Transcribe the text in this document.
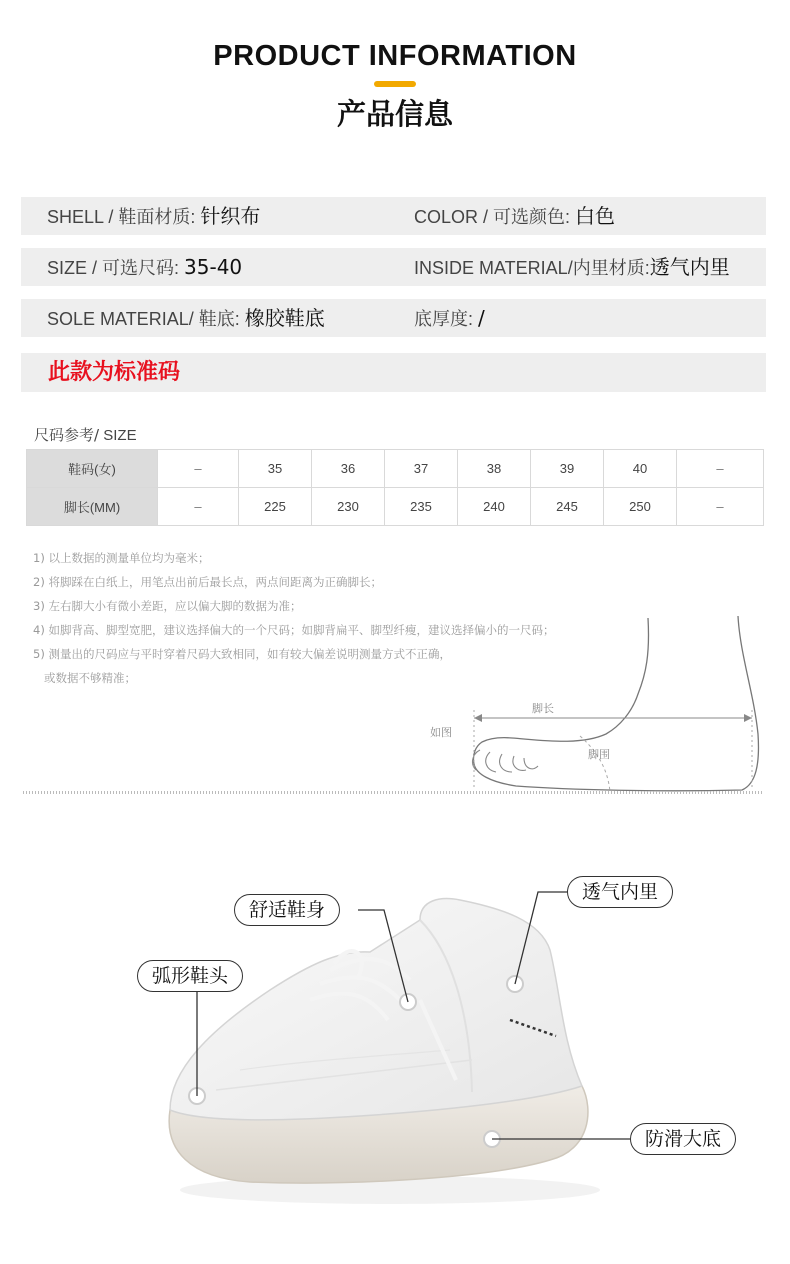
PRODUCT INFORMATION
产品信息
SHELL / 鞋面材质: 针织布	COLOR / 可选颜色: 白色
SIZE / 可选尺码: 35-40	INSIDE MATERIAL/内里材质:透气内里
SOLE MATERIAL/ 鞋底: 橡胶鞋底	底厚度: /
此款为标准码
尺码参考/ SIZE
鞋码(女)	–	35	36	37	38	39	40	–
脚长(MM)	–	225	230	235	240	245	250	–
1) 以上数据的测量单位均为毫米；
2) 将脚踩在白纸上，用笔点出前后最长点，两点间距离为正确脚长；
3) 左右脚大小有微小差距，应以偏大脚的数据为准；
4) 如脚背高、脚型宽肥，建议选择偏大的一个尺码；如脚背扁平、脚型纤瘦，建议选择偏小的一尺码；
5) 测量出的尺码应与平时穿着尺码大致相同，如有较大偏差说明测量方式不正确，
或数据不够精准；
如图
脚长
脚围
舒适鞋身
透气内里
弧形鞋头
防滑大底
